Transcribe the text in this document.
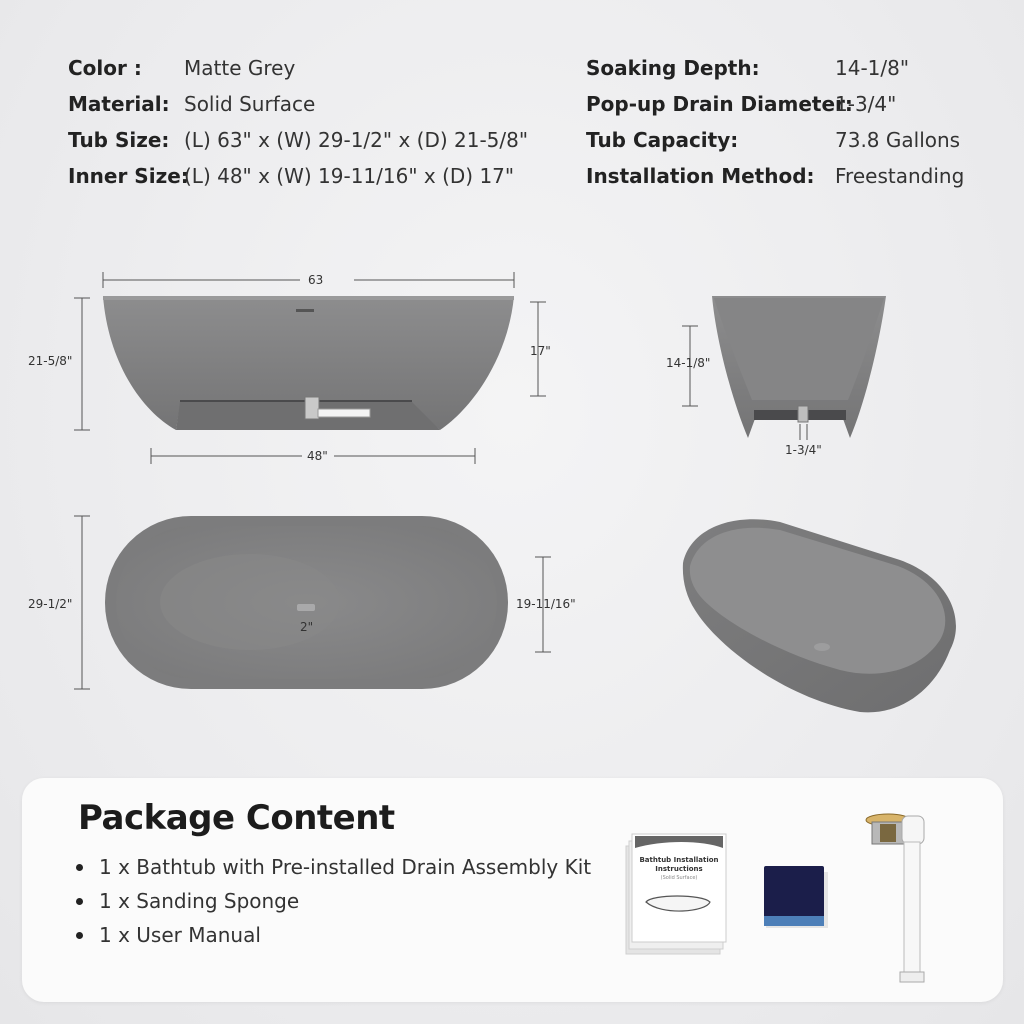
Color :	Matte Grey
Material: Solid Surface
Tub Size: (L) 63" x (W) 29-1/2" x (D) 21-5/8"
Inner Size:
(L) 48" x (W) 19-11/16" x (D) 17"
Soaking Depth:	14-1/8"
Pop-up Drain Diameter:
1-3/4"
Tub Capacity:	73.8 Gallons
Installation Method:	Freestanding
63
21-5/8"
17"
48"
14-1/8"
1-3/4"
29-1/2"	19-11/16"
2"
Package Content
1 x Bathtub with Pre-installed Drain Assembly Kit
1 x Sanding Sponge
1 x User Manual
Bathtub Installation
Instructions
(Solid Surface)
